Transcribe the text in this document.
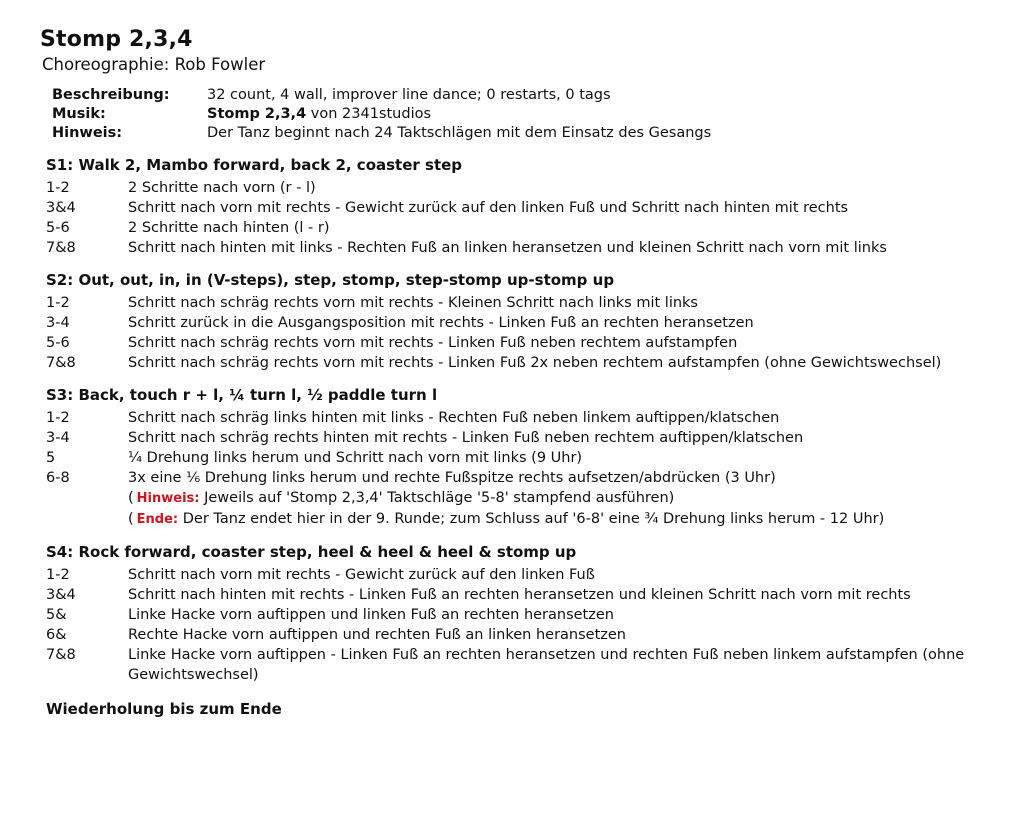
Stomp 2,3,4

Choreographie: Rob Fowler

Beschreibung:	32 count, 4 wall, improver line dance; 0 restarts, 0 tags
Musik:	Stomp 2,3,4 von 2341studios
Hinweis:	Der Tanz beginnt nach 24 Taktschlägen mit dem Einsatz des Gesangs
S1: Walk 2, Mambo forward, back 2, coaster step
1-2	2 Schritte nach vorn (r - l)
3&4	Schritt nach vorn mit rechts - Gewicht zurück auf den linken Fuß und Schritt nach hinten mit rechts
5-6	2 Schritte nach hinten (l - r)
7&8	Schritt nach hinten mit links - Rechten Fuß an linken heransetzen und kleinen Schritt nach vorn mit links
S2: Out, out, in, in (V-steps), step, stomp, step-stomp up-stomp up
1-2	Schritt nach schräg rechts vorn mit rechts - Kleinen Schritt nach links mit links
3-4	Schritt zurück in die Ausgangsposition mit rechts - Linken Fuß an rechten heransetzen
5-6	Schritt nach schräg rechts vorn mit rechts - Linken Fuß neben rechtem aufstampfen
7&8	Schritt nach schräg rechts vorn mit rechts - Linken Fuß 2x neben rechtem aufstampfen (ohne Gewichtswechsel)
S3: Back, touch r + l, ¼ turn l, ½ paddle turn l
1-2	Schritt nach schräg links hinten mit links - Rechten Fuß neben linkem auftippen/klatschen
3-4	Schritt nach schräg rechts hinten mit rechts - Linken Fuß neben rechtem auftippen/klatschen
5	¼ Drehung links herum und Schritt nach vorn mit links (9 Uhr)
6-8	3x eine ⅙ Drehung links herum und rechte Fußspitze rechts aufsetzen/abdrücken (3 Uhr)
( Hinweis: Jeweils auf 'Stomp 2,3,4' Taktschläge '5-8' stampfend ausführen)
( Ende: Der Tanz endet hier in der 9. Runde; zum Schluss auf '6-8' eine ¾ Drehung links herum - 12 Uhr)
S4: Rock forward, coaster step, heel & heel & heel & stomp up
1-2	Schritt nach vorn mit rechts - Gewicht zurück auf den linken Fuß
3&4	Schritt nach hinten mit rechts - Linken Fuß an rechten heransetzen und kleinen Schritt nach vorn mit rechts
5&	Linke Hacke vorn auftippen und linken Fuß an rechten heransetzen
6&	Rechte Hacke vorn auftippen und rechten Fuß an linken heransetzen
7&8	Linke Hacke vorn auftippen - Linken Fuß an rechten heransetzen und rechten Fuß neben linkem aufstampfen (ohne Gewichtswechsel)
Wiederholung bis zum Ende
